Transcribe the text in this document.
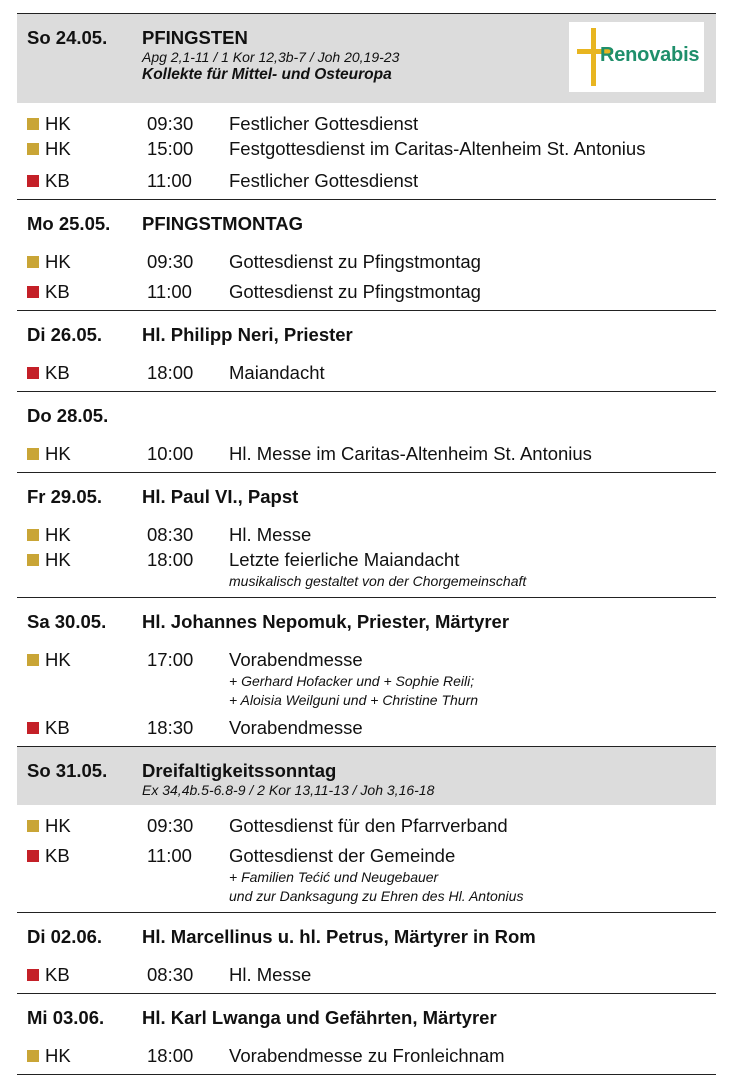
So 24.05. PFINGSTEN
Apg 2,1-11 / 1 Kor 12,3b-7 / Joh 20,19-23
Kollekte für Mittel- und Osteuropa
Renovabis
HK	09:30 Festlicher Gottesdienst
HK	15:00 Festgottesdienst im Caritas-Altenheim St. Antonius
KB	11:00 Festlicher Gottesdienst
Mo 25.05. PFINGSTMONTAG
HK	09:30 Gottesdienst zu Pfingstmontag
KB	11:00 Gottesdienst zu Pfingstmontag
Di 26.05. Hl. Philipp Neri, Priester
KB	18:00 Maiandacht
Do 28.05.
HK	10:00 Hl. Messe im Caritas-Altenheim St. Antonius
Fr 29.05. Hl. Paul VI., Papst
HK	08:30 Hl. Messe
HK	18:00 Letzte feierliche Maiandacht
musikalisch gestaltet von der Chorgemeinschaft
Sa 30.05. Hl. Johannes Nepomuk, Priester, Märtyrer
HK	17:00 Vorabendmesse
+ Gerhard Hofacker und + Sophie Reili;
+ Aloisia Weilguni und + Christine Thurn
KB	18:30 Vorabendmesse
So 31.05. Dreifaltigkeitssonntag
Ex 34,4b.5-6.8-9 / 2 Kor 13,11-13 / Joh 3,16-18
HK	09:30 Gottesdienst für den Pfarrverband
KB	11:00 Gottesdienst der Gemeinde
+ Familien Tećić und Neugebauer
und zur Danksagung zu Ehren des Hl. Antonius
Di 02.06. Hl. Marcellinus u. hl. Petrus, Märtyrer in Rom
KB	08:30 Hl. Messe
Mi 03.06. Hl. Karl Lwanga und Gefährten, Märtyrer
HK	18:00 Vorabendmesse zu Fronleichnam
